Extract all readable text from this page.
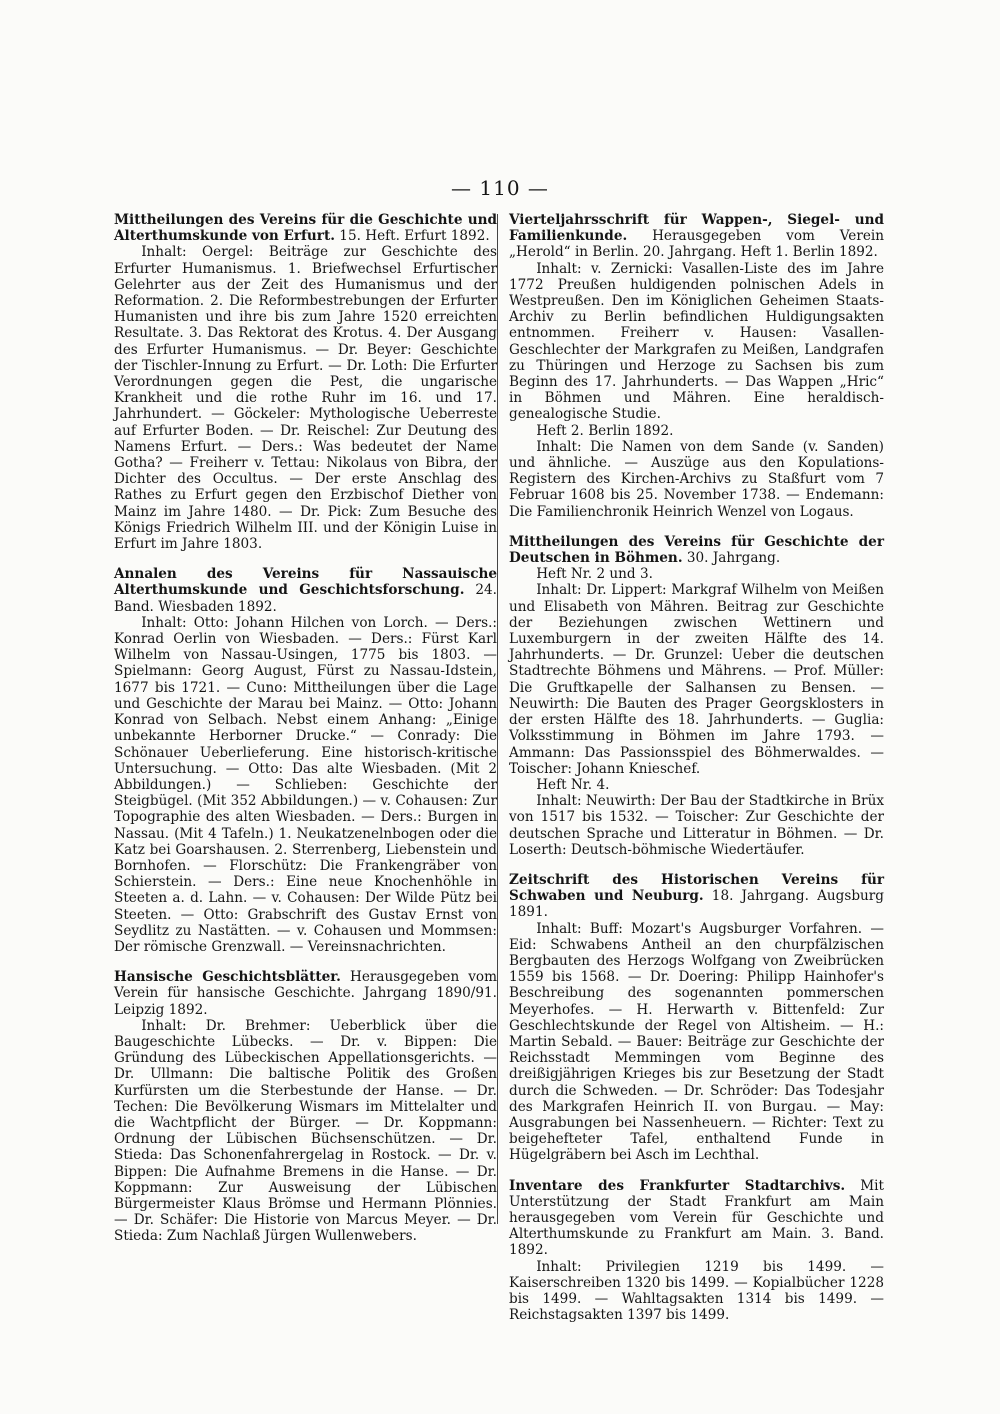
— 110 —

Mittheilungen des Vereins für die Geschichte und Alterthumskunde von Erfurt. 15. Heft. Erfurt 1892.

Inhalt: Oergel: Beiträge zur Geschichte des Erfurter Humanismus. 1. Briefwechsel Erfurtischer Gelehrter aus der Zeit des Humanismus und der Reformation. 2. Die Reformbestrebungen der Erfurter Humanisten und ihre bis zum Jahre 1520 erreichten Resultate. 3. Das Rektorat des Krotus. 4. Der Ausgang des Erfurter Humanismus. — Dr. Beyer: Geschichte der Tischler-Innung zu Erfurt. — Dr. Loth: Die Erfurter Verordnungen gegen die Pest, die ungarische Krankheit und die rothe Ruhr im 16. und 17. Jahrhundert. — Göckeler: Mythologische Ueberreste auf Erfurter Boden. — Dr. Reischel: Zur Deutung des Namens Erfurt. — Ders.: Was bedeutet der Name Gotha? — Freiherr v. Tettau: Nikolaus von Bibra, der Dichter des Occultus. — Der erste Anschlag des Rathes zu Erfurt gegen den Erzbischof Diether von Mainz im Jahre 1480. — Dr. Pick: Zum Besuche des Königs Friedrich Wilhelm III. und der Königin Luise in Erfurt im Jahre 1803.

Annalen des Vereins für Nassauische Alterthumskunde und Geschichtsforschung. 24. Band. Wiesbaden 1892.

Inhalt: Otto: Johann Hilchen von Lorch. — Ders.: Konrad Oerlin von Wiesbaden. — Ders.: Fürst Karl Wilhelm von Nassau-Usingen, 1775 bis 1803. — Spielmann: Georg August, Fürst zu Nassau-Idstein, 1677 bis 1721. — Cuno: Mittheilungen über die Lage und Geschichte der Marau bei Mainz. — Otto: Johann Konrad von Selbach. Nebst einem Anhang: „Einige unbekannte Herborner Drucke.“ — Conrady: Die Schönauer Ueberlieferung. Eine historisch-kritische Untersuchung. — Otto: Das alte Wiesbaden. (Mit 2 Abbildungen.) — Schlieben: Geschichte der Steigbügel. (Mit 352 Abbildungen.) — v. Cohausen: Zur Topographie des alten Wiesbaden. — Ders.: Burgen in Nassau. (Mit 4 Tafeln.) 1. Neukatzenelnbogen oder die Katz bei Goarshausen. 2. Sterrenberg, Liebenstein und Bornhofen. — Florschütz: Die Frankengräber von Schierstein. — Ders.: Eine neue Knochenhöhle in Steeten a. d. Lahn. — v. Cohausen: Der Wilde Pütz bei Steeten. — Otto: Grabschrift des Gustav Ernst von Seydlitz zu Nastätten. — v. Cohausen und Mommsen: Der römische Grenzwall. — Vereinsnachrichten.

Hansische Geschichtsblätter. Herausgegeben vom Verein für hansische Geschichte. Jahrgang 1890/91. Leipzig 1892.

Inhalt: Dr. Brehmer: Ueberblick über die Baugeschichte Lübecks. — Dr. v. Bippen: Die Gründung des Lübeckischen Appellationsgerichts. — Dr. Ullmann: Die baltische Politik des Großen Kurfürsten um die Sterbestunde der Hanse. — Dr. Techen: Die Bevölkerung Wismars im Mittelalter und die Wachtpflicht der Bürger. — Dr. Koppmann: Ordnung der Lübischen Büchsenschützen. — Dr. Stieda: Das Schonenfahrergelag in Rostock. — Dr. v. Bippen: Die Aufnahme Bremens in die Hanse. — Dr. Koppmann: Zur Ausweisung der Lübischen Bürgermeister Klaus Brömse und Hermann Plönnies. — Dr. Schäfer: Die Historie von Marcus Meyer. — Dr. Stieda: Zum Nachlaß Jürgen Wullenwebers.

Vierteljahrsschrift für Wappen-, Siegel- und Familienkunde. Herausgegeben vom Verein „Herold“ in Berlin. 20. Jahrgang. Heft 1. Berlin 1892.

Inhalt: v. Zernicki: Vasallen-Liste des im Jahre 1772 Preußen huldigenden polnischen Adels in Westpreußen. Den im Königlichen Geheimen Staats-Archiv zu Berlin befindlichen Huldigungsakten entnommen. Freiherr v. Hausen: Vasallen-Geschlechter der Markgrafen zu Meißen, Landgrafen zu Thüringen und Herzoge zu Sachsen bis zum Beginn des 17. Jahrhunderts. — Das Wappen „Hric“ in Böhmen und Mähren. Eine heraldisch-genealogische Studie.

Heft 2. Berlin 1892.

Inhalt: Die Namen von dem Sande (v. Sanden) und ähnliche. — Auszüge aus den Kopulations-Registern des Kirchen-Archivs zu Staßfurt vom 7 Februar 1608 bis 25. November 1738. — Endemann: Die Familienchronik Heinrich Wenzel von Logaus.

Mittheilungen des Vereins für Geschichte der Deutschen in Böhmen. 30. Jahrgang.

Heft Nr. 2 und 3.

Inhalt: Dr. Lippert: Markgraf Wilhelm von Meißen und Elisabeth von Mähren. Beitrag zur Geschichte der Beziehungen zwischen Wettinern und Luxemburgern in der zweiten Hälfte des 14. Jahrhunderts. — Dr. Grunzel: Ueber die deutschen Stadtrechte Böhmens und Mährens. — Prof. Müller: Die Gruftkapelle der Salhansen zu Bensen. — Neuwirth: Die Bauten des Prager Georgsklosters in der ersten Hälfte des 18. Jahrhunderts. — Guglia: Volksstimmung in Böhmen im Jahre 1793. — Ammann: Das Passionsspiel des Böhmerwaldes. — Toischer: Johann Knieschef.

Heft Nr. 4.

Inhalt: Neuwirth: Der Bau der Stadtkirche in Brüx von 1517 bis 1532. — Toischer: Zur Geschichte der deutschen Sprache und Litteratur in Böhmen. — Dr. Loserth: Deutsch-böhmische Wiedertäufer.

Zeitschrift des Historischen Vereins für Schwaben und Neuburg. 18. Jahrgang. Augsburg 1891.

Inhalt: Buff: Mozart's Augsburger Vorfahren. — Eid: Schwabens Antheil an den churpfälzischen Bergbauten des Herzogs Wolfgang von Zweibrücken 1559 bis 1568. — Dr. Doering: Philipp Hainhofer's Beschreibung des sogenannten pommerschen Meyerhofes. — H. Herwarth v. Bittenfeld: Zur Geschlechtskunde der Regel von Altisheim. — H.: Martin Sebald. — Bauer: Beiträge zur Geschichte der Reichsstadt Memmingen vom Beginne des dreißigjährigen Krieges bis zur Besetzung der Stadt durch die Schweden. — Dr. Schröder: Das Todesjahr des Markgrafen Heinrich II. von Burgau. — May: Ausgrabungen bei Nassenheuern. — Richter: Text zu beigehefteter Tafel, enthaltend Funde in Hügelgräbern bei Asch im Lechthal.

Inventare des Frankfurter Stadtarchivs. Mit Unterstützung der Stadt Frankfurt am Main herausgegeben vom Verein für Geschichte und Alterthumskunde zu Frankfurt am Main. 3. Band. 1892.

Inhalt: Privilegien 1219 bis 1499. — Kaiserschreiben 1320 bis 1499. — Kopialbücher 1228 bis 1499. — Wahltagsakten 1314 bis 1499. — Reichstagsakten 1397 bis 1499.
